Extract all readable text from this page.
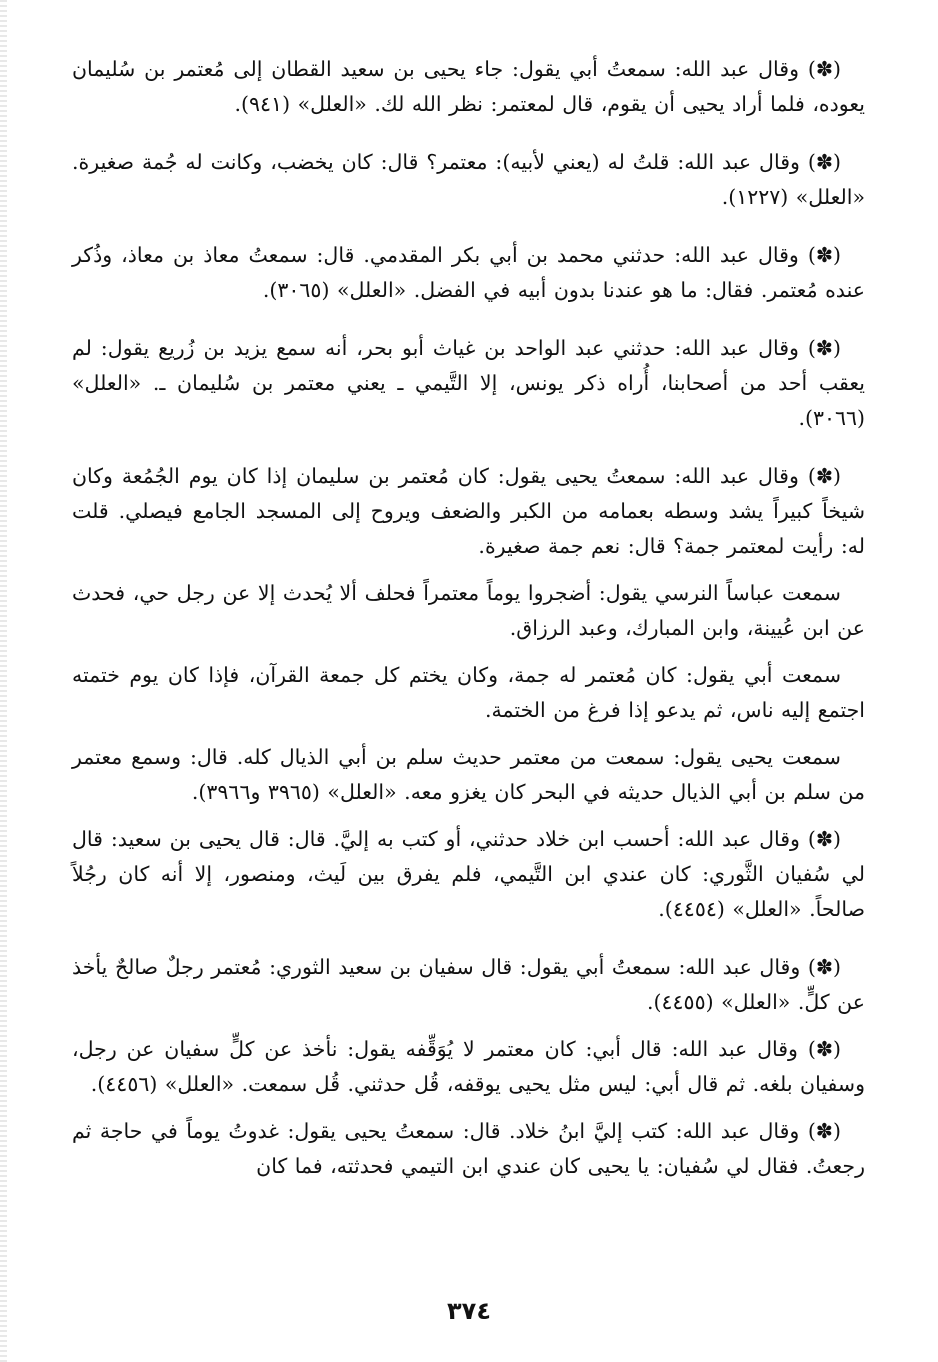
(✽) وقال عبد الله: سمعتُ أبي يقول: جاء يحيى بن سعيد القطان إلى مُعتمر بن سُليمان يعوده، فلما أراد يحيى أن يقوم، قال لمعتمر: نظر الله لك. «العلل» (٩٤١).

(✽) وقال عبد الله: قلتُ له (يعني لأبيه): معتمر؟ قال: كان يخضب، وكانت له جُمة صغيرة. «العلل» (١٢٢٧).

(✽) وقال عبد الله: حدثني محمد بن أبي بكر المقدمي. قال: سمعتُ معاذ بن معاذ، وذُكر عنده مُعتمر. فقال: ما هو عندنا بدون أبيه في الفضل. «العلل» (٣٠٦٥).

(✽) وقال عبد الله: حدثني عبد الواحد بن غياث أبو بحر، أنه سمع يزيد بن زُريع يقول: لم يعقب أحد من أصحابنا، أُراه ذكر يونس، إلا التَّيمي ـ يعني معتمر بن سُليمان ـ. «العلل» (٣٠٦٦).

(✽) وقال عبد الله: سمعتُ يحيى يقول: كان مُعتمر بن سليمان إذا كان يوم الجُمُعة وكان شيخاً كبيراً يشد وسطه بعمامه من الكبر والضعف ويروح إلى المسجد الجامع فيصلي. قلت له: رأيت لمعتمر جمة؟ قال: نعم جمة صغيرة.

سمعت عباساً النرسي يقول: أضجروا يوماً معتمراً فحلف ألا يُحدث إلا عن رجل حي، فحدث عن ابن عُيينة، وابن المبارك، وعبد الرزاق.

سمعت أبي يقول: كان مُعتمر له جمة، وكان يختم كل جمعة القرآن، فإذا كان يوم ختمته اجتمع إليه ناس، ثم يدعو إذا فرغ من الختمة.

سمعت يحيى يقول: سمعت من معتمر حديث سلم بن أبي الذيال كله. قال: وسمع معتمر من سلم بن أبي الذيال حديثه في البحر كان يغزو معه. «العلل» (٣٩٦٥ و٣٩٦٦).

(✽) وقال عبد الله: أحسب ابن خلاد حدثني، أو كتب به إليَّ. قال: قال يحيى بن سعيد: قال لي سُفيان الثَّوري: كان عندي ابن التَّيمي، فلم يفرق بين لَيث، ومنصور، إلا أنه كان رجُلاً صالحاً. «العلل» (٤٤٥٤).

(✽) وقال عبد الله: سمعتُ أبي يقول: قال سفيان بن سعيد الثوري: مُعتمر رجلٌ صالحٌ يأخذ عن كلٍّ. «العلل» (٤٤٥٥).

(✽) وقال عبد الله: قال أبي: كان معتمر لا يُوَقِّفه يقول: نأخذ عن كلٍّ سفيان عن رجل، وسفيان بلغه. ثم قال أبي: ليس مثل يحيى يوقفه، قُل حدثني. قُل سمعت. «العلل» (٤٤٥٦).

(✽) وقال عبد الله: كتب إليَّ ابنُ خلاد. قال: سمعتُ يحيى يقول: غدوتُ يوماً في حاجة ثم رجعتُ. فقال لي سُفيان: يا يحيى كان عندي ابن التيمي فحدثته، فما كان

٣٧٤
